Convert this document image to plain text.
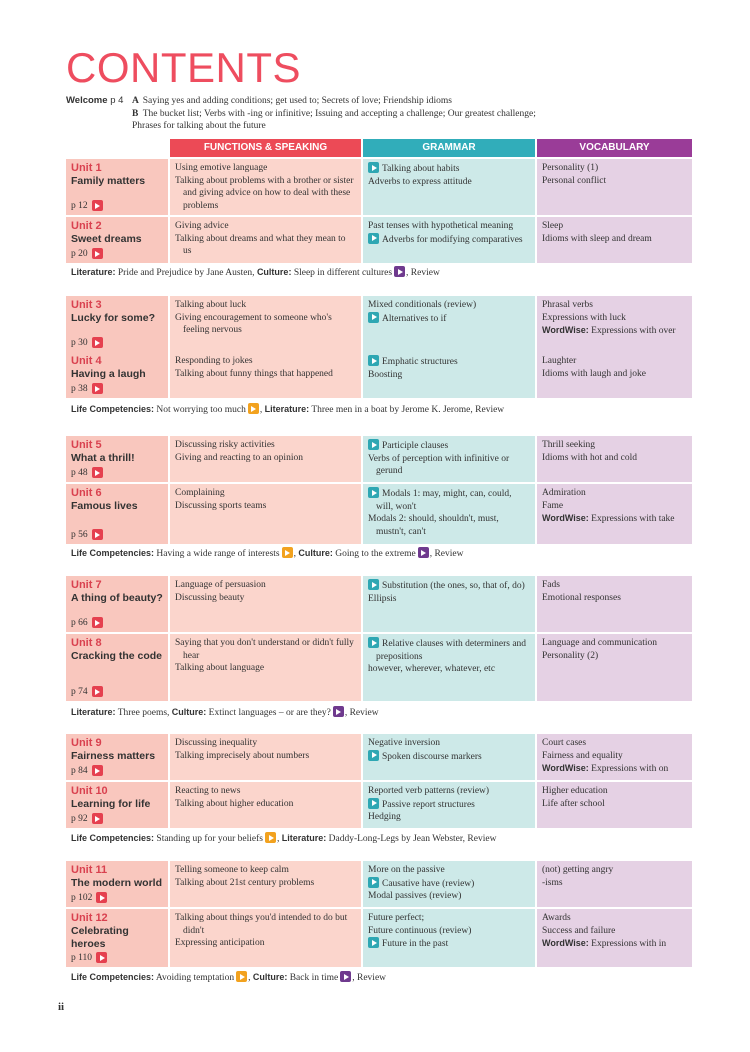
CONTENTS
Welcome p 4 A Saying yes and adding conditions; get used to; Secrets of love; Friendship idioms
B The bucket list; Verbs with -ing or infinitive; Issuing and accepting a challenge; Our greatest challenge;
Phrases for talking about the future
FUNCTIONS & SPEAKING	GRAMMAR	VOCABULARY
Unit 1
Family matters
p 12
Using emotive language
Talking about problems with a brother or sister and giving advice on how to deal with these problems
Talking about habits
Adverbs to express attitude
Personality (1)
Personal conflict
Unit 2
Sweet dreams
p 20
Giving advice
Talking about dreams and what they mean to us
Past tenses with hypothetical meaning
Adverbs for modifying comparatives
Sleep
Idioms with sleep and dream
Unit 3
Lucky for some?
p 30
Talking about luck
Giving encouragement to someone who's feeling nervous
Mixed conditionals (review)
Alternatives to if
Phrasal verbs
Expressions with luck
WordWise: Expressions with over
Unit 4
Having a laugh
p 38
Responding to jokes
Talking about funny things that happened
Emphatic structures
Boosting
Laughter
Idioms with laugh and joke
Unit 5
What a thrill!
p 48
Discussing risky activities
Giving and reacting to an opinion
Participle clauses
Verbs of perception with infinitive or gerund
Thrill seeking
Idioms with hot and cold
Unit 6
Famous lives
p 56
Complaining
Discussing sports teams
Modals 1: may, might, can, could, will, won't
Modals 2: should, shouldn't, must, mustn't, can't
Admiration
Fame
WordWise: Expressions with take
Unit 7
A thing of beauty?
p 66
Language of persuasion
Discussing beauty
Substitution (the ones, so, that of, do)
Ellipsis
Fads
Emotional responses
Unit 8
Cracking the code
p 74
Saying that you don't understand or didn't fully hear
Talking about language
Relative clauses with determiners and prepositions
however, wherever, whatever, etc
Language and communication
Personality (2)
Unit 9
Fairness matters
p 84
Discussing inequality
Talking imprecisely about numbers
Negative inversion
Spoken discourse markers
Court cases
Fairness and equality
WordWise: Expressions with on
Unit 10
Learning for life
p 92
Reacting to news
Talking about higher education
Reported verb patterns (review)
Passive report structures
Hedging
Higher education
Life after school
Unit 11
The modern world
p 102
Telling someone to keep calm
Talking about 21st century problems
More on the passive
Causative have (review)
Modal passives (review)
(not) getting angry
-isms
Unit 12
Celebrating
heroes
p 110
Talking about things you'd intended to do but didn't
Expressing anticipation
Future perfect;
Future continuous (review)
Future in the past
Awards
Success and failure
WordWise: Expressions with in
Literature: Pride and Prejudice by Jane Austen, Culture: Sleep in different cultures , Review
Life Competencies: Not worrying too much , Literature: Three men in a boat by Jerome K. Jerome, Review
Life Competencies: Having a wide range of interests , Culture: Going to the extreme , Review
Literature: Three poems, Culture: Extinct languages – or are they? , Review
Life Competencies: Standing up for your beliefs , Literature: Daddy-Long-Legs by Jean Webster, Review
Life Competencies: Avoiding temptation , Culture: Back in time , Review
ii
